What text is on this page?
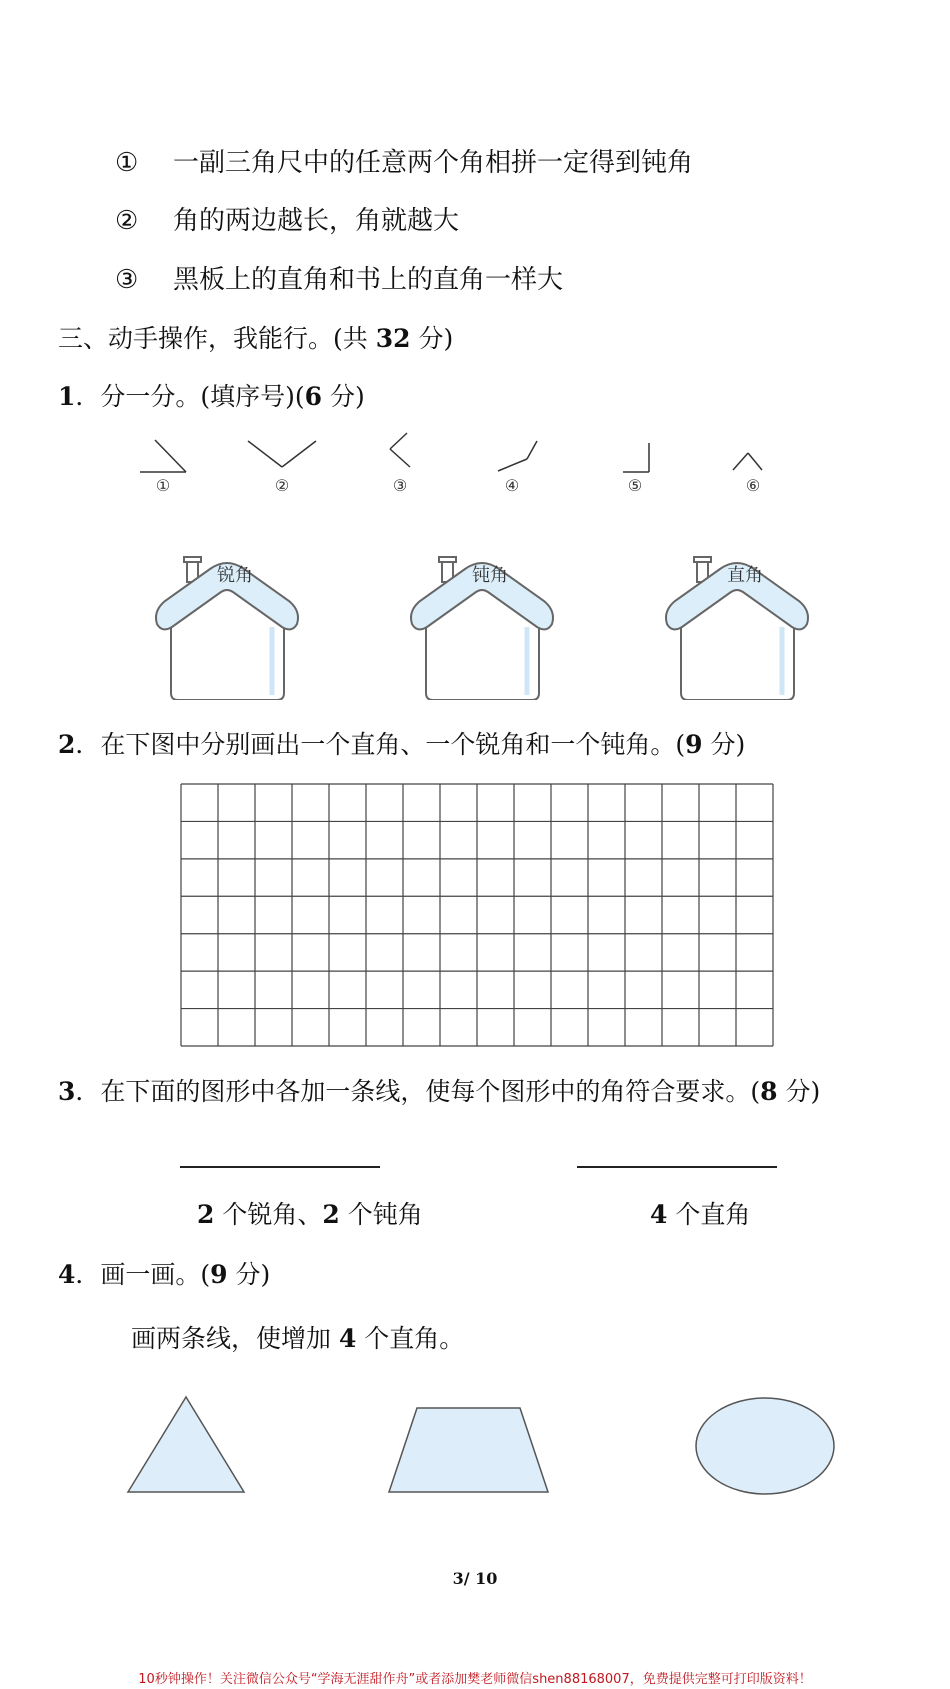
① 一副三角尺中的任意两个角相拼一定得到钝角
② 角的两边越长，角就越大
③ 黑板上的直角和书上的直角一样大
三、动手操作，我能行。(共 32 分)
1．分一分。(填序号)(6 分)
①	②	③	④	⑤	⑥
锐角	钝角	直角
2．在下图中分别画出一个直角、一个锐角和一个钝角。(9 分)
3．在下面的图形中各加一条线，使每个图形中的角符合要求。(8 分)
2 个锐角、2 个钝角	4 个直角
4．画一画。(9 分)
画两条线，使增加 4 个直角。
3/ 10
10秒钟操作！关注微信公众号“学海无涯甜作舟”或者添加樊老师微信shen88168007，免费提供完整可打印版资料！
